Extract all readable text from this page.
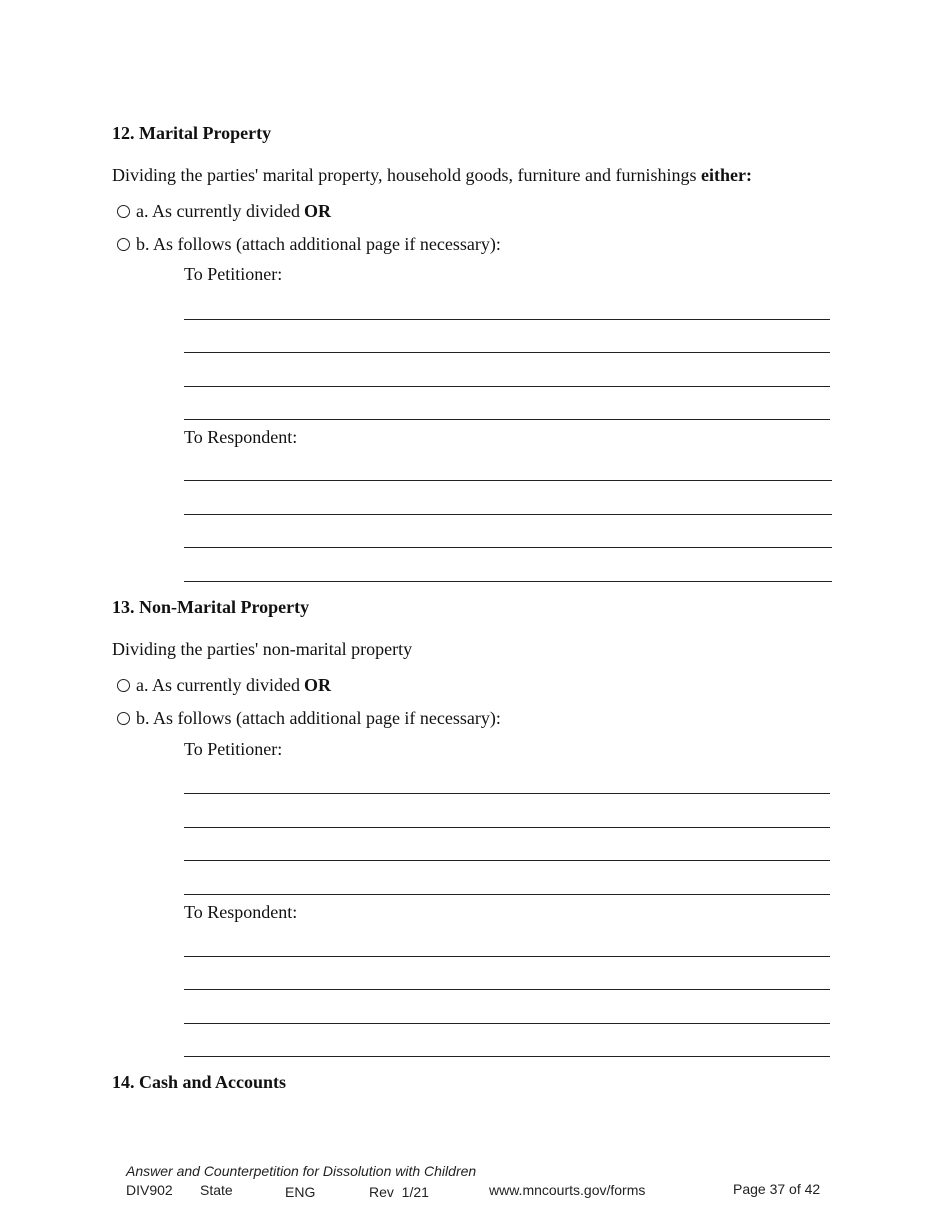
12. Marital Property
Dividing the parties' marital property, household goods, furniture and furnishings either:
a. As currently divided OR
b. As follows (attach additional page if necessary):
To Petitioner:
To Respondent:
13. Non-Marital Property
Dividing the parties' non-marital property
a. As currently divided OR
b. As follows (attach additional page if necessary):
To Petitioner:
To Respondent:
14. Cash and Accounts
Answer and Counterpetition for Dissolution with Children
DIV902 State	ENG	Rev  1/21	www.mncourts.gov/forms	Page 37 of 42
